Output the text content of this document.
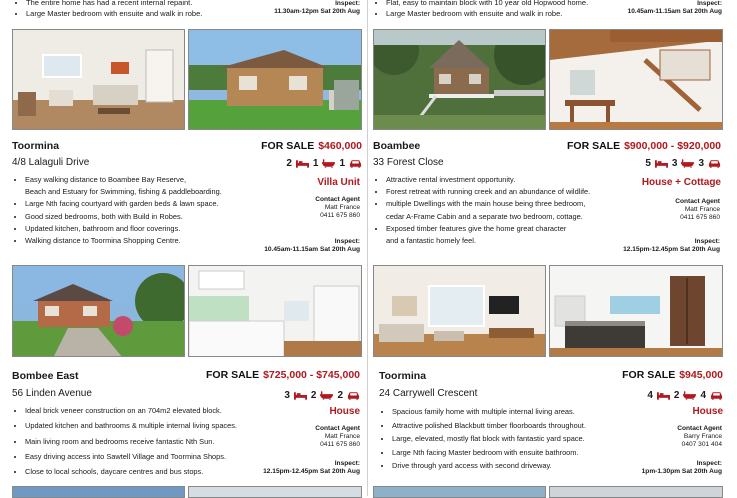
• The entire home has had a recent internal repaint.
• Large Master bedroom with ensuite and walk in robe.
Inspect:
11.30am-12pm Sat 20th Aug
• Flat, easy to maintain block with 10 year old Hopwood home.
• Large Master bedroom with ensuite and walk in robe.
Inspect:
10.45am-11.15am Sat 20th Aug
Toormina	FOR SALE $460,000
4/8 Lalaguli Drive	2 1 1
Villa Unit
• Easy walking distance to Boambee Bay Reserve,
Beach and Estuary for Swimming, fishing & paddleboarding.
• Large Nth facing courtyard with garden beds & lawn space.
• Good sized bedrooms, both with Build in Robes.
• Updated kitchen, bathroom and floor coverings.
• Walking distance to Toormina Shopping Centre.
Contact Agent
Matt France
0411 675 860
Inspect:
10.45am-11.15am Sat 20th Aug
Boambee	FOR SALE $900,000 - $920,000
33 Forest Close	5 3 3
House + Cottage
• Attractive rental investment opportunity.
• Forest retreat with running creek and an abundance of wildlife.
• multiple Dwellings with the main house being three bedroom,
cedar A-Frame Cabin and a separate two bedroom, cottage.
• Exposed timber features give the home great character
and a fantastic homely feel.
Contact Agent
Matt France
0411 675 860
Inspect:
12.15pm-12.45pm Sat 20th Aug
Bombee East	FOR SALE $725,000 - $745,000
56 Linden Avenue	3 2 2
House
• Ideal brick veneer construction on an 704m2 elevated block.
• Updated kitchen and bathrooms & multiple internal living spaces.
• Main living room and bedrooms receive fantastic Nth Sun.
• Easy driving access into Sawtell Village and Toormina Shops.
• Close to local schools, daycare centres and bus stops.
Contact Agent
Matt France
0411 675 860
Inspect:
12.15pm-12.45pm Sat 20th Aug
Toormina	FOR SALE $945,000
24 Carrywell Crescent	4 2 4
House
• Spacious family home with multiple internal living areas.
• Attractive polished Blackbutt timber floorboards throughout.
• Large, elevated, mostly flat block with fantastic yard space.
• Large Nth facing Master bedroom with ensuite bathroom.
• Drive through yard access with second driveway.
Contact Agent
Barry France
0407 301 404
Inspect:
1pm-1.30pm Sat 20th Aug
